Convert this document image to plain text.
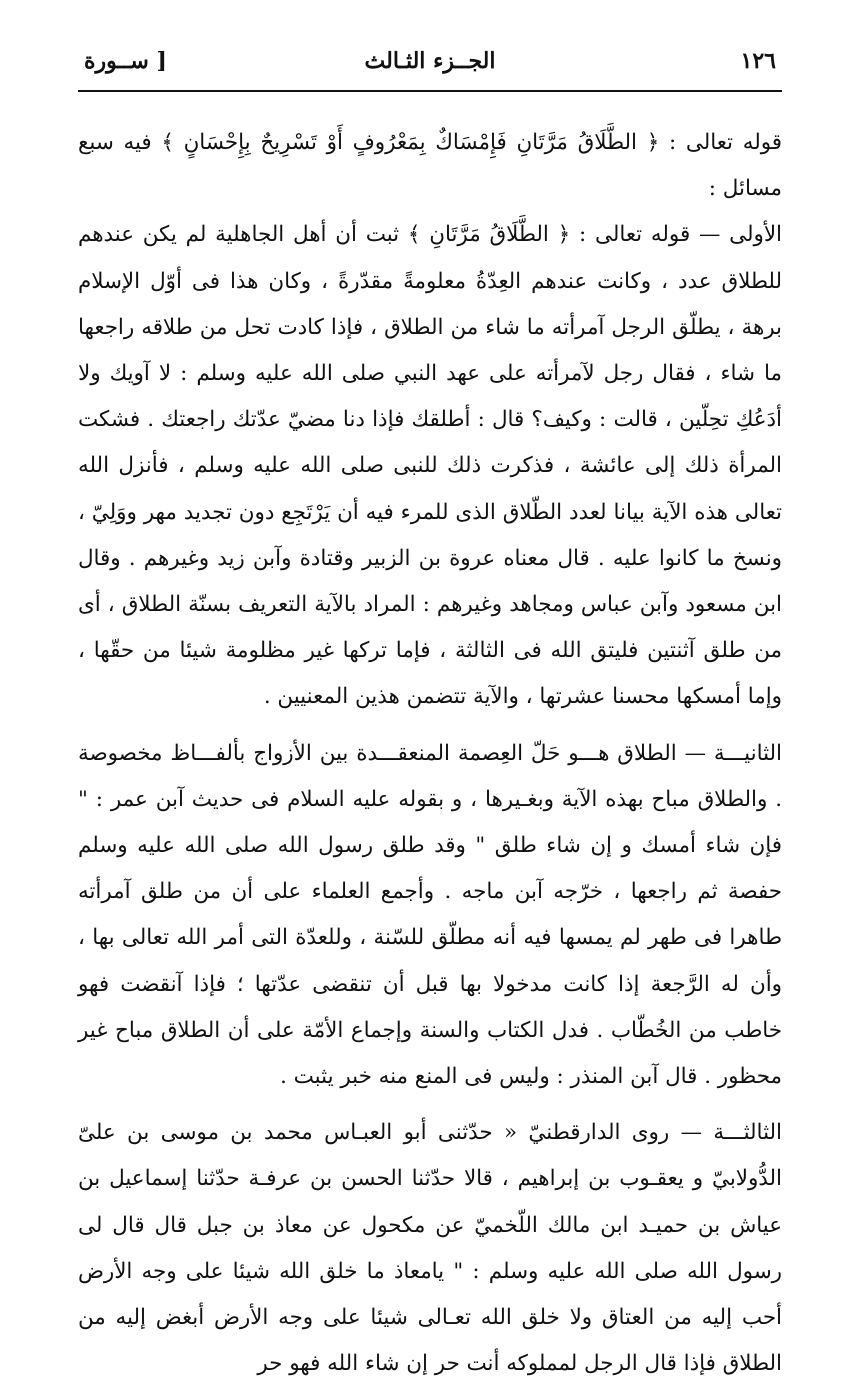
١٢٦
الجــزء الثـالث
[ ســورة

قوله تعالى : ﴿ الطَّلَاقُ مَرَّتَانِ فَإِمْسَاكٌ بِمَعْرُوفٍ أَوْ تَسْرِيحٌ بِإِحْسَانٍ ﴾ فيه سبع مسائل :

الأولى — قوله تعالى : ﴿ الطَّلَاقُ مَرَّتَانِ ﴾ ثبت أن أهل الجاهلية لم يكن عندهم للطلاق عدد ، وكانت عندهم العِدّةُ معلومةً مقدّرةً ، وكان هذا فى أوّل الإسلام برهة ، يطلّق الرجل آمرأته ما شاء من الطلاق ، فإذا كادت تحل من طلاقه راجعها ما شاء ، فقال رجل لآمرأته على عهد النبي صلى الله عليه وسلم : لا آويك ولا أدَعُكِ تحِلّين ، قالت : وكيف؟ قال : أطلقك فإذا دنا مضيّ عدّتك راجعتك . فشكت المرأة ذلك إلى عائشة ، فذكرت ذلك للنبى صلى الله عليه وسلم ، فأنزل الله تعالى هذه الآية بيانا لعدد الطّلاق الذى للمرء فيه أن يَرْتَجِع دون تجديد مهر ووَلِيّ ، ونسخ ما كانوا عليه . قال معناه عروة بن الزبير وقتادة وآبن زيد وغيرهم . وقال ابن مسعود وآبن عباس ومجاهد وغيرهم : المراد بالآية التعريف بسنّة الطلاق ، أى من طلق آثنتين فليتق الله فى الثالثة ، فإما تركها غير مظلومة شيئا من حقّها ، وإما أمسكها محسنا عشرتها ، والآية تتضمن هذين المعنيين .

الثانيـــة — الطلاق هـــو حَلّ العِصمة المنعقـــدة بين الأزواج بألفـــاظ مخصوصة . والطلاق مباح بهذه الآية وبغـيرها ، و بقوله عليه السلام فى حديث آبن عمر : " فإن شاء أمسك و إن شاء طلق " وقد طلق رسول الله صلى الله عليه وسلم حفصة ثم راجعها ، خرّجه آبن ماجه . وأجمع العلماء على أن من طلق آمرأته طاهرا فى طهر لم يمسها فيه أنه مطلّق للسّنة ، وللعدّة التى أمر الله تعالى بها ، وأن له الرَّجعة إذا كانت مدخولا بها قبل أن تنقضى عدّتها ؛ فإذا آنقضت فهو خاطب من الخُطّاب . فدل الكتاب والسنة وإجماع الأمّة على أن الطلاق مباح غير محظور . قال آبن المنذر : وليس فى المنع منه خبر يثبت .

الثالثـــة — روى الدارقطنيّ « حدّثنى أبو العبـاس محمد بن موسى بن علىّ الدُّولابيّ و يعقـوب بن إبراهيم ، قالا حدّثنا الحسن بن عرفـة حدّثنا إسماعيل بن عياش بن حميـد ابن مالك اللّخميّ عن مكحول عن معاذ بن جبل قال قال لى رسول الله صلى الله عليه وسلم : " يامعاذ ما خلق الله شيئا على وجه الأرض أحب إليه من العتاق ولا خلق الله تعـالى شيئا على وجه الأرض أبغض إليه من الطلاق فإذا قال الرجل لمملوكه أنت حر إن شاء الله فهو حر
